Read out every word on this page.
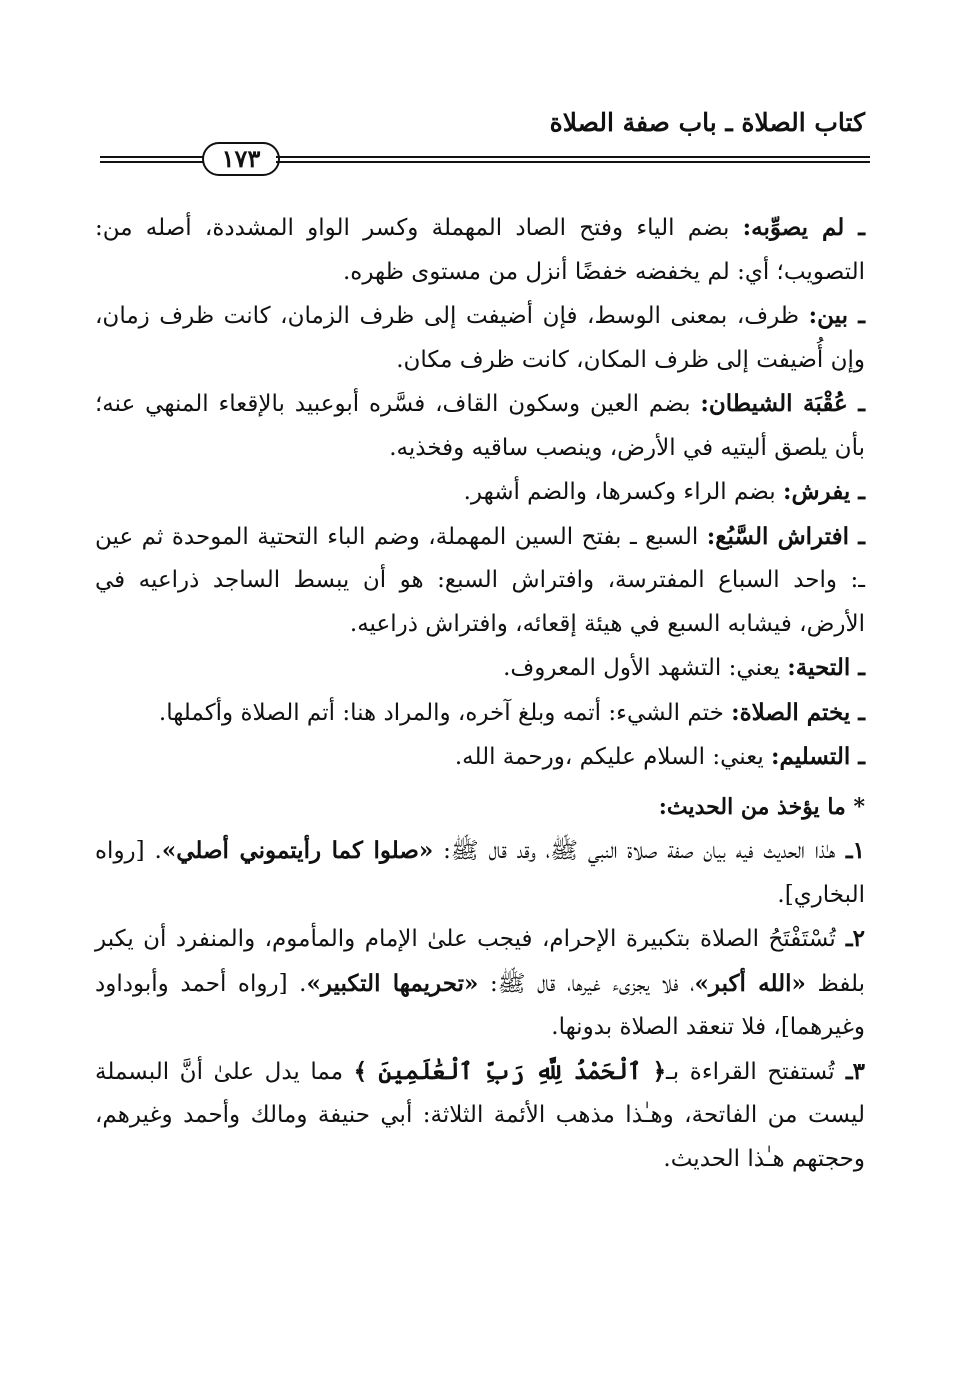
كتاب الصلاة ـ باب صفة الصلاة
١٧٣

ـ لم يصوِّبه: بضم الياء وفتح الصاد المهملة وكسر الواو المشددة، أصله من: التصويب؛ أي: لم يخفضه خفضًا أنزل من مستوى ظهره.

ـ بين: ظرف، بمعنى الوسط، فإن أضيفت إلى ظرف الزمان، كانت ظرف زمان، وإن أُضيفت إلى ظرف المكان، كانت ظرف مكان.

ـ عُقْبَة الشيطان: بضم العين وسكون القاف، فسَّره أبوعبيد بالإقعاء المنهي عنه؛ بأن يلصق أليتيه في الأرض، وينصب ساقيه وفخذيه.

ـ يفرش: بضم الراء وكسرها، والضم أشهر.

ـ افتراش السَّبُع: السبع ـ بفتح السين المهملة، وضم الباء التحتية الموحدة ثم عين ـ: واحد السباع المفترسة، وافتراش السبع: هو أن يبسط الساجد ذراعيه في الأرض، فيشابه السبع في هيئة إقعائه، وافتراش ذراعيه.

ـ التحية: يعني: التشهد الأول المعروف.

ـ يختم الصلاة: ختم الشيء: أتمه وبلغ آخره، والمراد هنا: أتم الصلاة وأكملها.

ـ التسليم: يعني: السلام عليكم ،ورحمة الله.

* ما يؤخذ من الحديث:

١ـ هـٰذا الحديث فيه بيان صفة صلاة النبي ﷺ، وقد قال ﷺ: «صلوا كما رأيتموني أصلي». [رواه البخاري].

٢ـ تُسْتَفْتَحُ الصلاة بتكبيرة الإحرام، فيجب علىٰ الإمام والمأموم، والمنفرد أن يكبر بلفظ «الله أكبر»، فلا يجزىء غيرها، قال ﷺ: «تحريمها التكبير». [رواه أحمد وأبوداود وغيرهما]، فلا تنعقد الصلاة بدونها.

٣ـ تُستفتح القراءة بـ﴿ ٱلْحَمْدُ لِلَّهِ رَبِّ ٱلْعَٰلَمِينَ ﴾ مما يدل علىٰ أنَّ البسملة ليست من الفاتحة، وهـٰذا مذهب الأئمة الثلاثة: أبي حنيفة ومالك وأحمد وغيرهم، وحجتهم هـٰذا الحديث.
